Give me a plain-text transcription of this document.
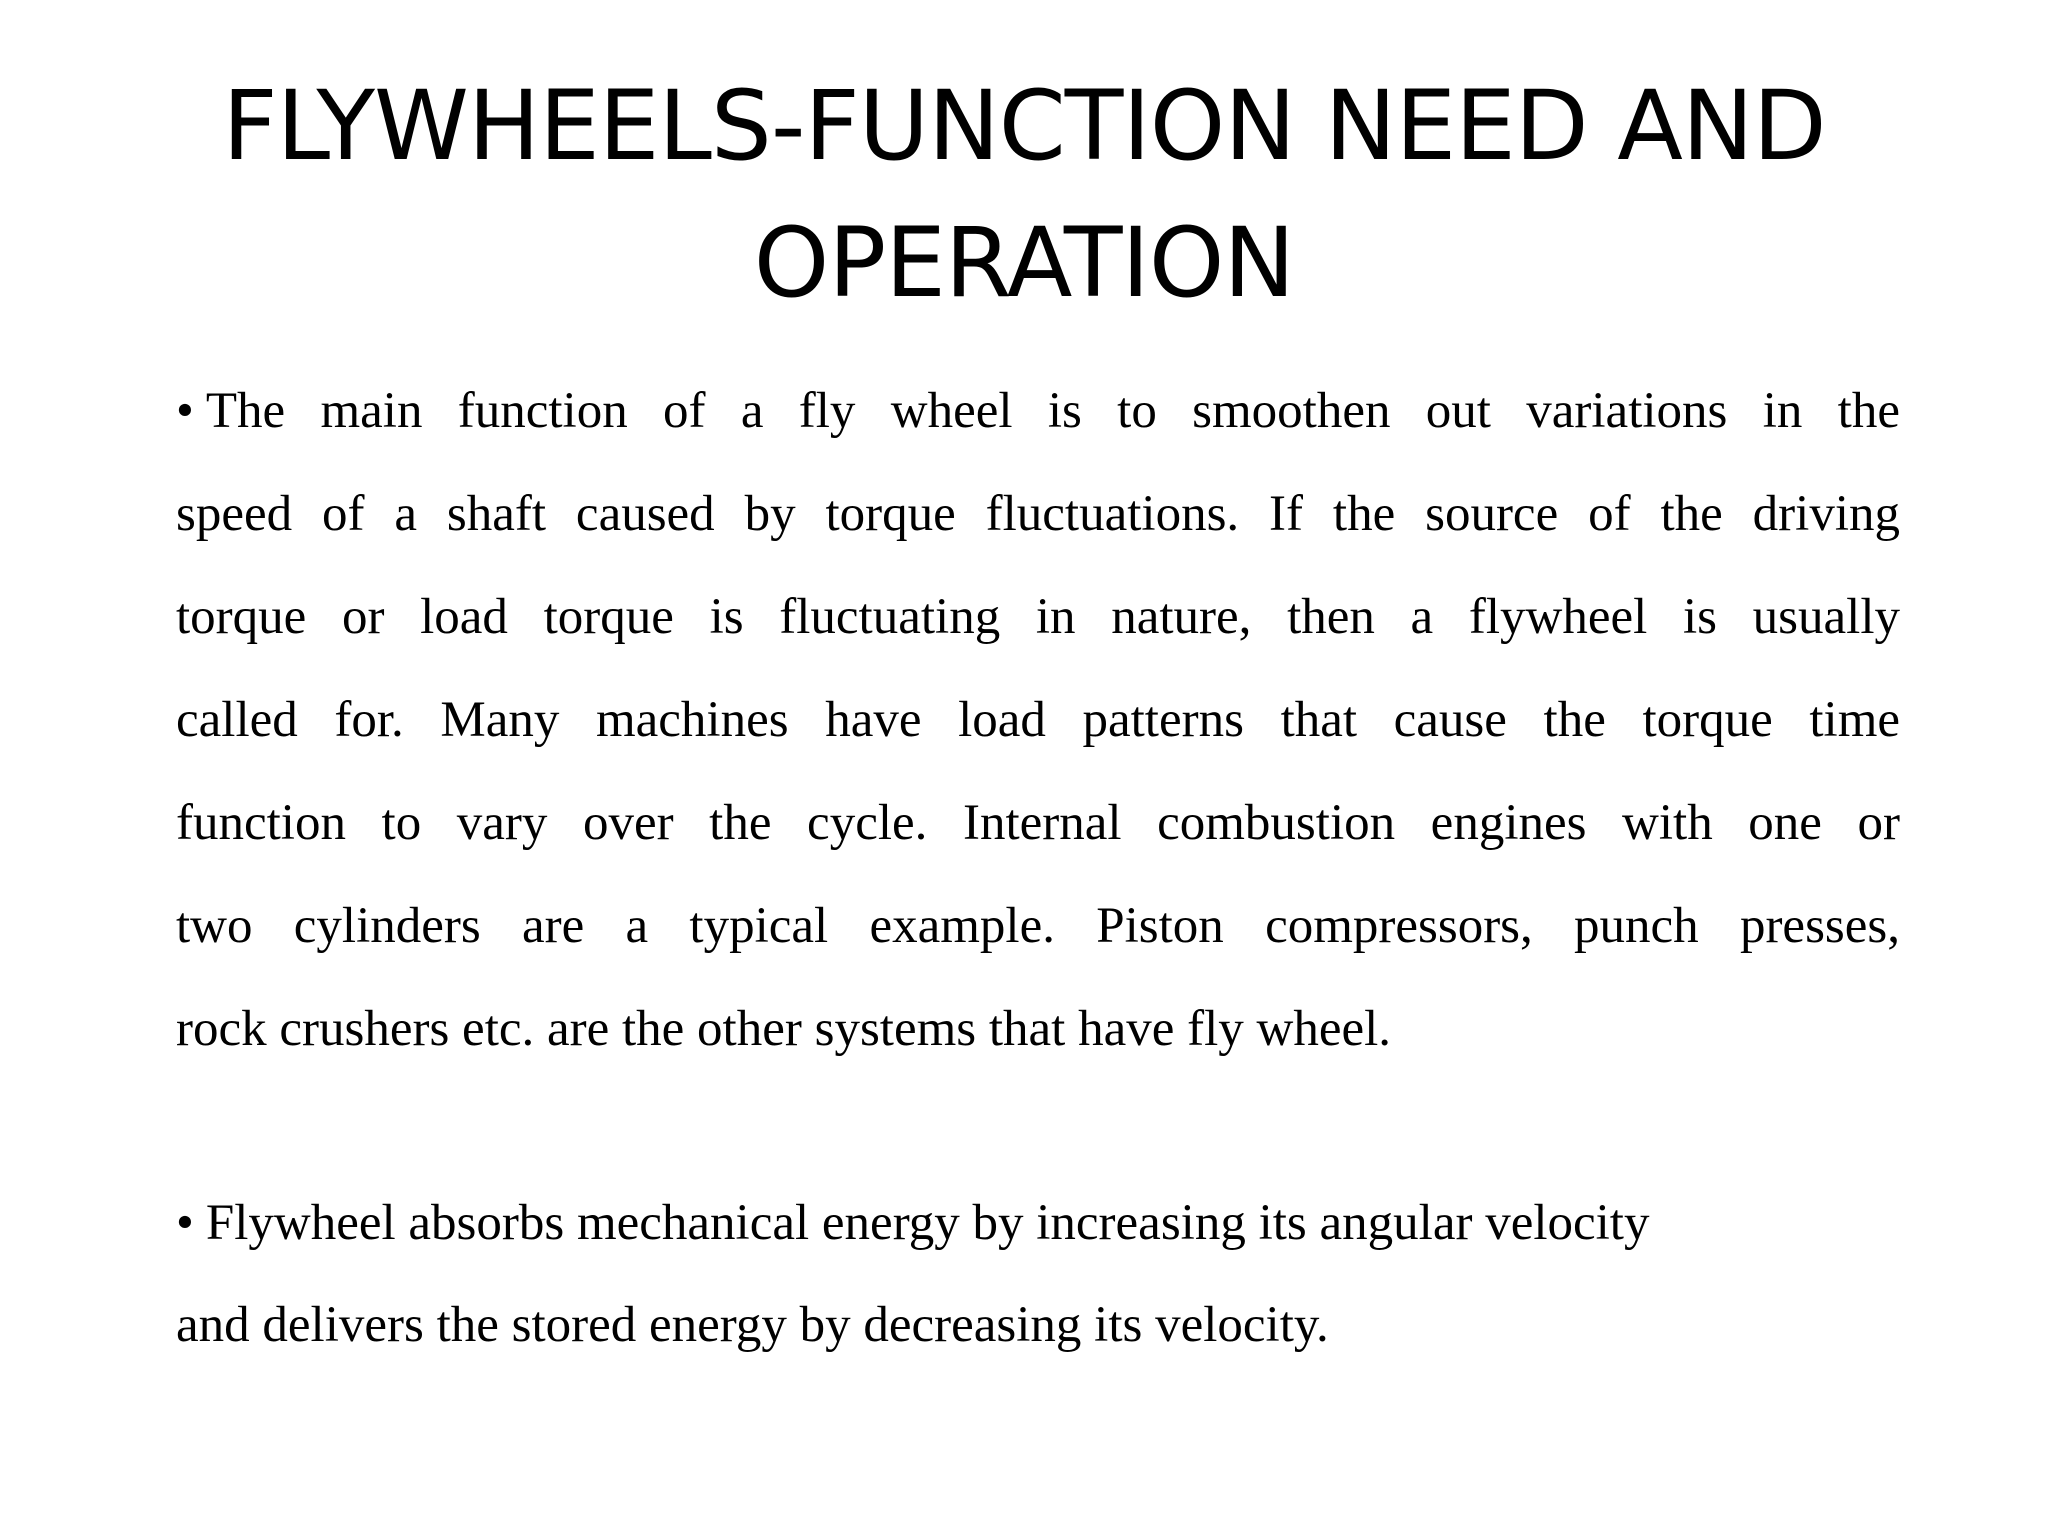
FLYWHEELS-FUNCTION NEED AND OPERATION
• The main function of a fly wheel is to smoothen out variations in the
speed of a shaft caused by torque fluctuations. If the source of the driving
torque or load torque is fluctuating in nature, then a flywheel is usually
called for. Many machines have load patterns that cause the torque time
function to vary over the cycle. Internal combustion engines with one or
two cylinders are a typical example. Piston compressors, punch presses,
rock crushers etc. are the other systems that have fly wheel.
• Flywheel absorbs mechanical energy by increasing its angular velocity
and delivers the stored energy by decreasing its velocity.
